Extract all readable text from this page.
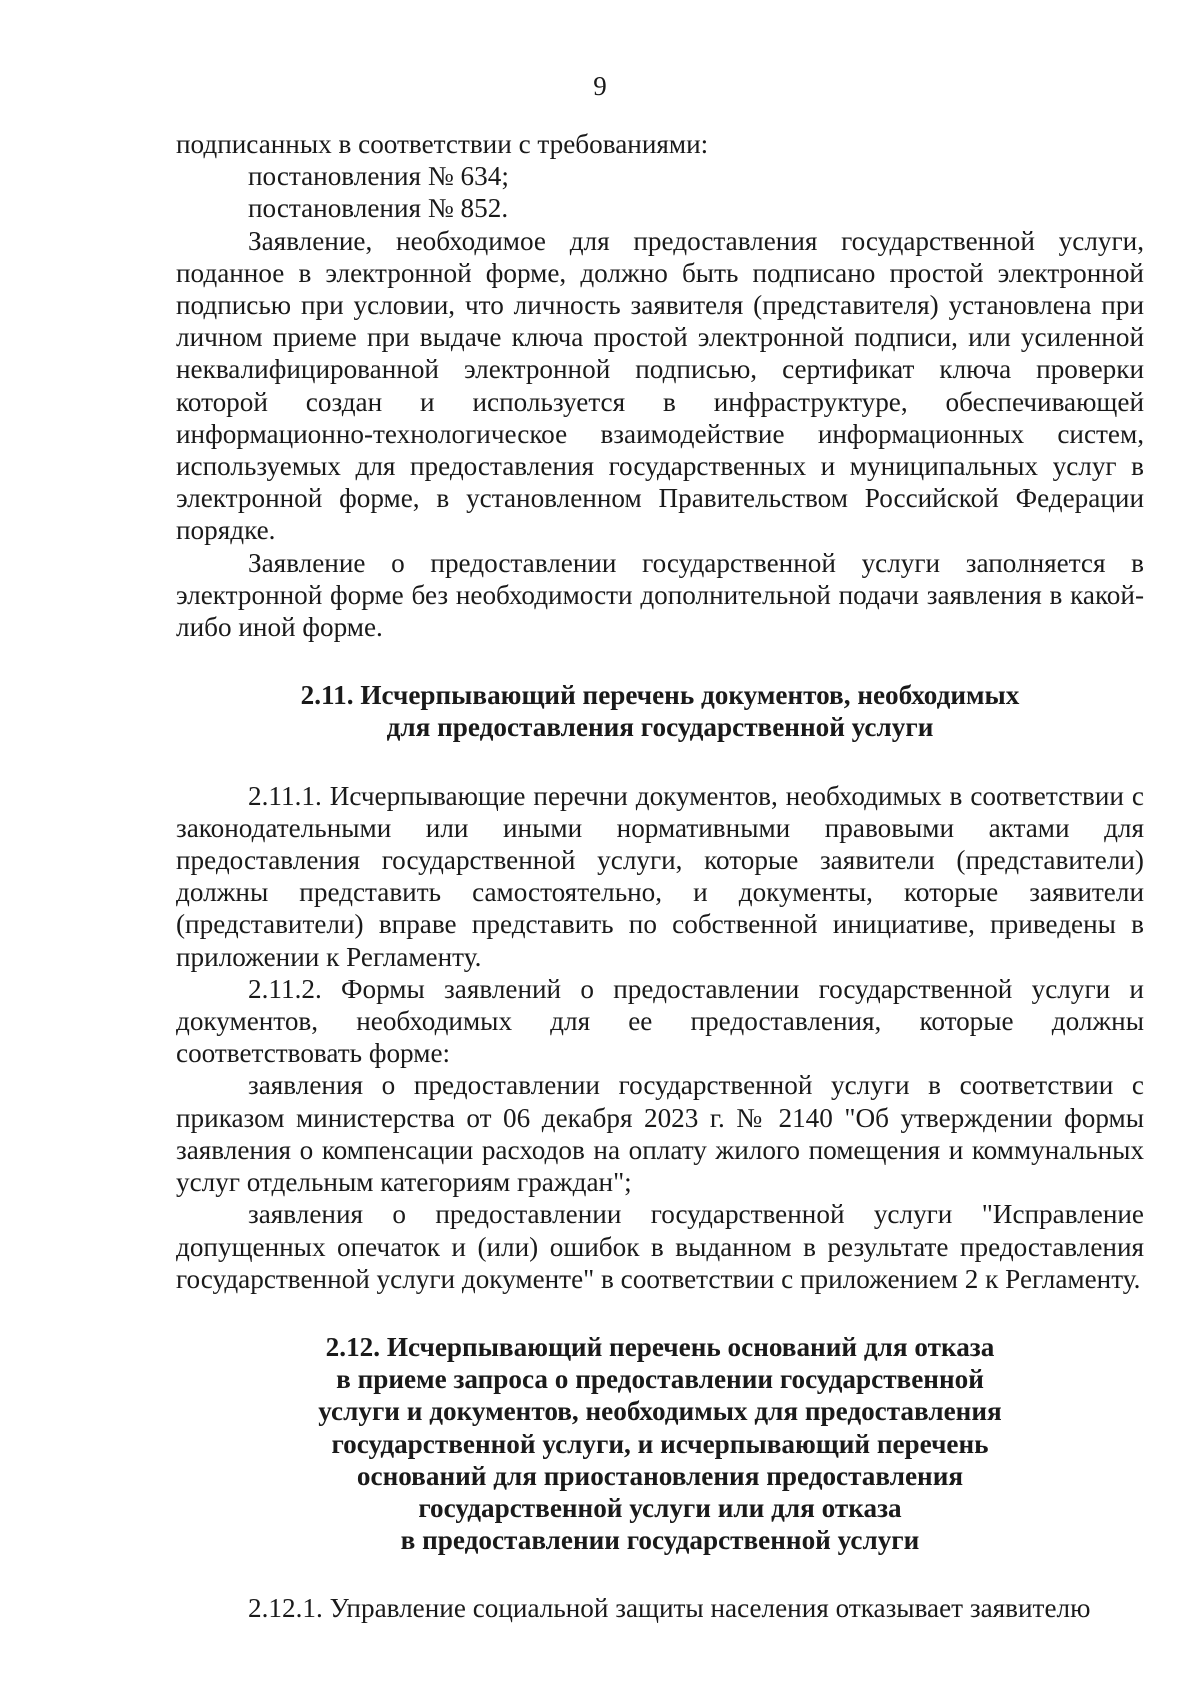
9

подписанных в соответствии с требованиями:

постановления № 634;

постановления № 852.

Заявление, необходимое для предоставления государственной услуги, поданное в электронной форме, должно быть подписано простой электронной подписью при условии, что личность заявителя (представителя) установлена при личном приеме при выдаче ключа простой электронной подписи, или усиленной неквалифицированной электронной подписью, сертификат ключа проверки которой создан и используется в инфраструктуре, обеспечивающей информационно-технологическое взаимодействие информационных систем, используемых для предоставления государственных и муниципальных услуг в электронной форме, в установленном Правительством Российской Федерации порядке.

Заявление о предоставлении государственной услуги заполняется в электронной форме без необходимости дополнительной подачи заявления в какой-либо иной форме.

2.11. Исчерпывающий перечень документов, необходимых
для предоставления государственной услуги

2.11.1. Исчерпывающие перечни документов, необходимых в соответствии с законодательными или иными нормативными правовыми актами для предоставления государственной услуги, которые заявители (представители) должны представить самостоятельно, и документы, которые заявители (представители) вправе представить по собственной инициативе, приведены в приложении к Регламенту.

2.11.2. Формы заявлений о предоставлении государственной услуги и документов, необходимых для ее предоставления, которые должны соответствовать форме:

заявления о предоставлении государственной услуги в соответствии с приказом министерства от 06 декабря 2023 г. № 2140 "Об утверждении формы заявления о компенсации расходов на оплату жилого помещения и коммунальных услуг отдельным категориям граждан";

заявления о предоставлении государственной услуги "Исправление допущенных опечаток и (или) ошибок в выданном в результате предоставления государственной услуги документе" в соответствии с приложением 2 к Регламенту.

2.12. Исчерпывающий перечень оснований для отказа
в приеме запроса о предоставлении государственной
услуги и документов, необходимых для предоставления
государственной услуги, и исчерпывающий перечень
оснований для приостановления предоставления
государственной услуги или для отказа
в предоставлении государственной услуги

2.12.1. Управление социальной защиты населения отказывает заявителю
